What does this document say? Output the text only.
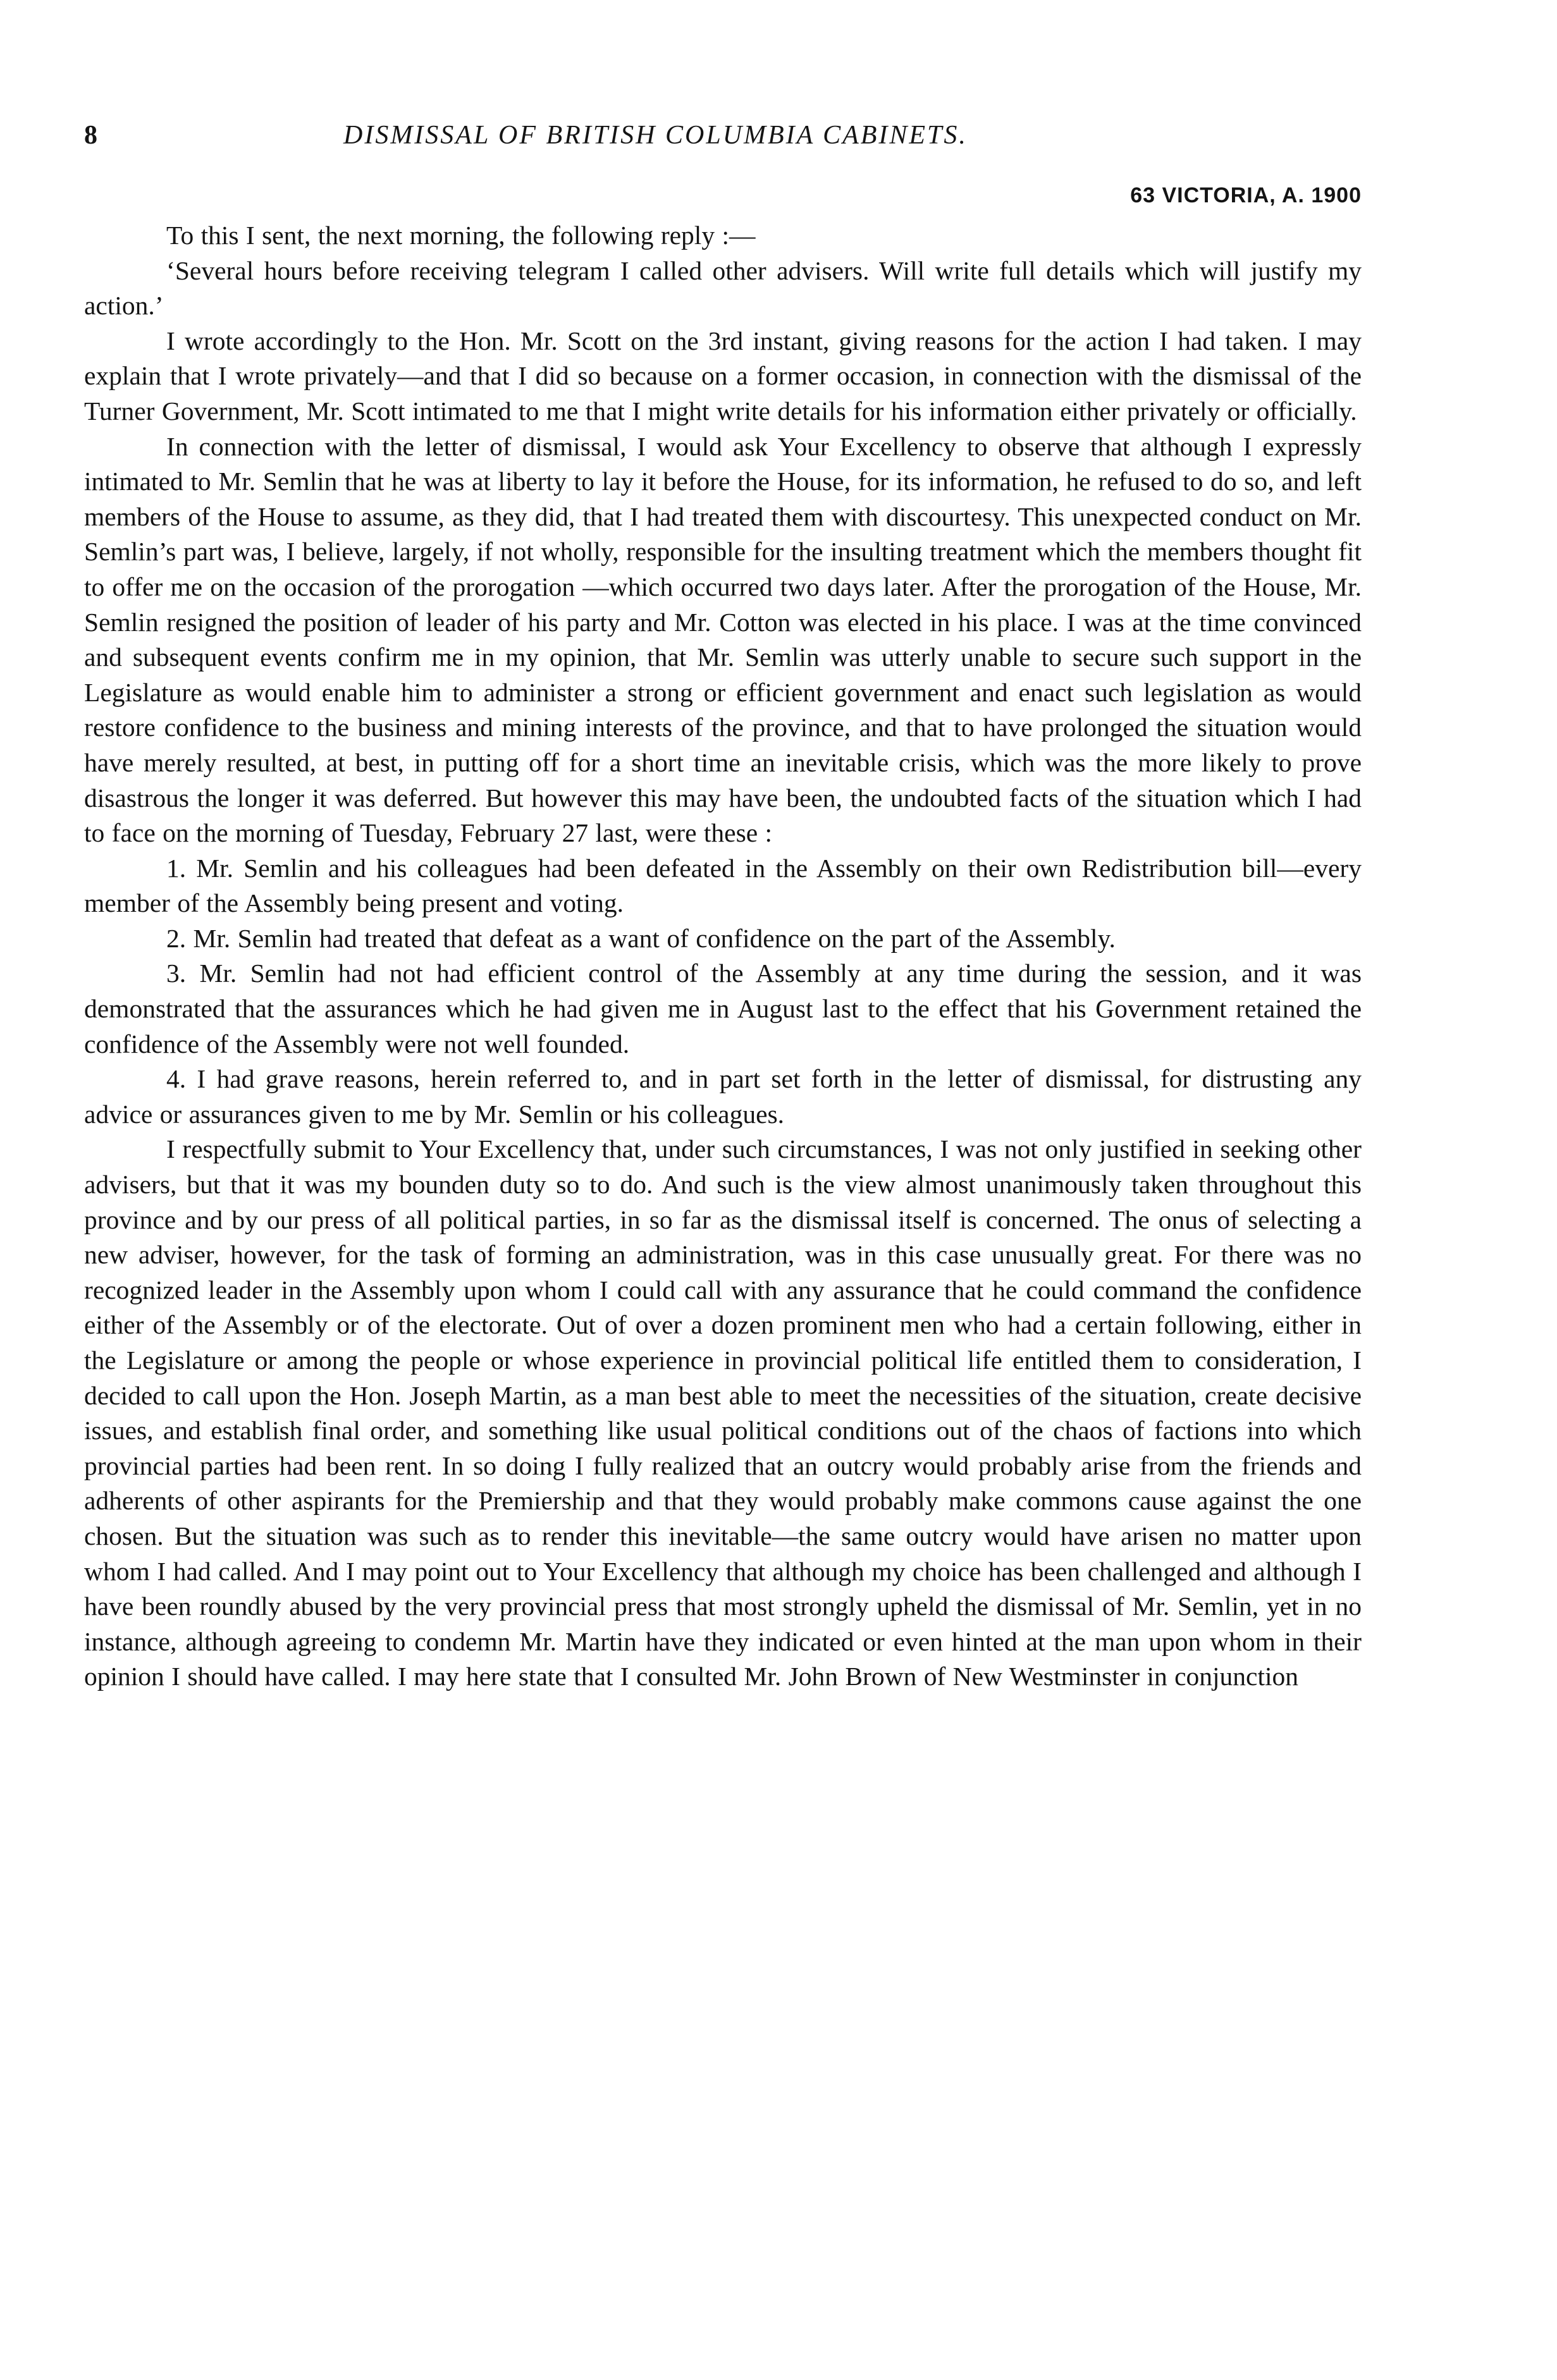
8	DISMISSAL OF BRITISH COLUMBIA CABINETS.
63 VICTORIA, A. 1900

To this I sent, the next morning, the following reply :—

‘Several hours before receiving telegram I called other advisers. Will write full details which will justify my action.’

I wrote accordingly to the Hon. Mr. Scott on the 3rd instant, giving reasons for the action I had taken. I may explain that I wrote privately—and that I did so because on a former occasion, in connection with the dismissal of the Turner Government, Mr. Scott intimated to me that I might write details for his information either privately or officially.

In connection with the letter of dismissal, I would ask Your Excellency to observe that although I expressly intimated to Mr. Semlin that he was at liberty to lay it before the House, for its information, he refused to do so, and left members of the House to assume, as they did, that I had treated them with discourtesy. This unexpected conduct on Mr. Semlin’s part was, I believe, largely, if not wholly, responsible for the insulting treatment which the members thought fit to offer me on the occasion of the prorogation —which occurred two days later. After the prorogation of the House, Mr. Semlin resigned the position of leader of his party and Mr. Cotton was elected in his place. I was at the time convinced and subsequent events confirm me in my opinion, that Mr. Semlin was utterly unable to secure such support in the Legislature as would enable him to administer a strong or efficient government and enact such legislation as would restore confidence to the business and mining interests of the province, and that to have prolonged the situation would have merely resulted, at best, in putting off for a short time an inevitable crisis, which was the more likely to prove disastrous the longer it was deferred. But however this may have been, the undoubted facts of the situation which I had to face on the morning of Tuesday, February 27 last, were these :

1. Mr. Semlin and his colleagues had been defeated in the Assembly on their own Redistribution bill—every member of the Assembly being present and voting.

2. Mr. Semlin had treated that defeat as a want of confidence on the part of the Assembly.

3. Mr. Semlin had not had efficient control of the Assembly at any time during the session, and it was demonstrated that the assurances which he had given me in August last to the effect that his Government retained the confidence of the Assembly were not well founded.

4. I had grave reasons, herein referred to, and in part set forth in the letter of dismissal, for distrusting any advice or assurances given to me by Mr. Semlin or his colleagues.

I respectfully submit to Your Excellency that, under such circumstances, I was not only justified in seeking other advisers, but that it was my bounden duty so to do. And such is the view almost unanimously taken throughout this province and by our press of all political parties, in so far as the dismissal itself is concerned. The onus of selecting a new adviser, however, for the task of forming an administration, was in this case unusually great. For there was no recognized leader in the Assembly upon whom I could call with any assurance that he could command the confidence either of the Assembly or of the electorate. Out of over a dozen prominent men who had a certain following, either in the Legislature or among the people or whose experience in provincial political life entitled them to consideration, I decided to call upon the Hon. Joseph Martin, as a man best able to meet the necessities of the situation, create decisive issues, and establish final order, and something like usual political conditions out of the chaos of factions into which provincial parties had been rent. In so doing I fully realized that an outcry would probably arise from the friends and adherents of other aspirants for the Premiership and that they would probably make commons cause against the one chosen. But the situation was such as to render this inevitable—the same outcry would have arisen no matter upon whom I had called. And I may point out to Your Excellency that although my choice has been challenged and although I have been roundly abused by the very provincial press that most strongly upheld the dismissal of Mr. Semlin, yet in no instance, although agreeing to condemn Mr. Martin have they indicated or even hinted at the man upon whom in their opinion I should have called. I may here state that I consulted Mr. John Brown of New Westminster in conjunction
